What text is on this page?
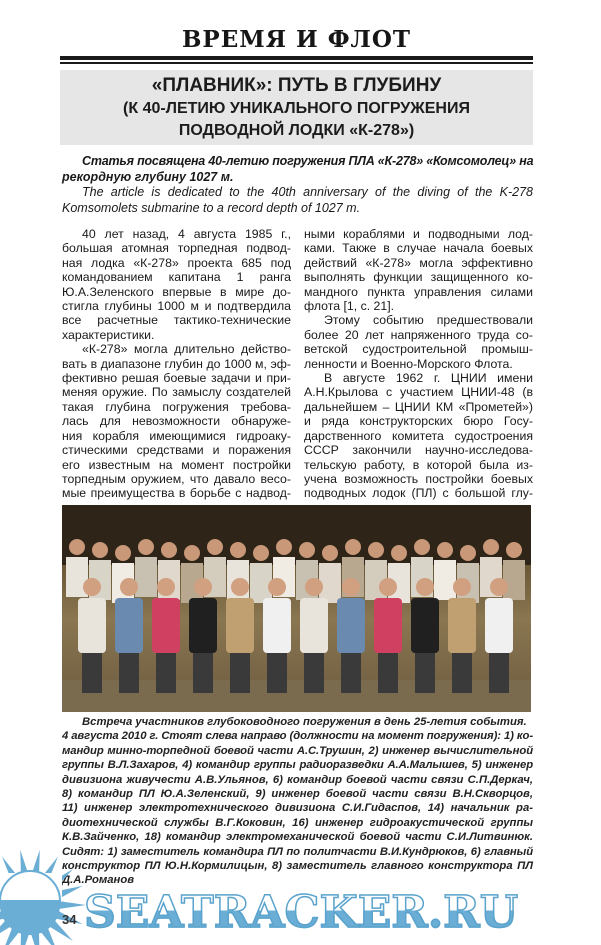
ВРЕМЯ И ФЛОТ
«ПЛАВНИК»: ПУТЬ В ГЛУБИНУ
(К 40-ЛЕТИЮ УНИКАЛЬНОГО ПОГРУЖЕНИЯ
ПОДВОДНОЙ ЛОДКИ «К-278»)
Статья посвящена 40-летию погружения ПЛА «К-278» «Комсомолец» на
рекордную глубину 1027 м.
The article is dedicated to the 40th anniversary of the diving of the K-278
Komsomolets submarine to a record depth of 1027 m.
40 лет назад, 4 августа 1985 г.,
большая атомная торпедная подвод-
ная лодка «К-278» проекта 685 под
командованием капитана 1 ранга
Ю.А.Зеленского впервые в мире до-
стигла глубины 1000 м и подтвердила
все расчетные тактико-технические
характеристики.
«К-278» могла длительно действо-
вать в диапазоне глубин до 1000 м, эф-
фективно решая боевые задачи и при-
меняя оружие. По замыслу создателей
такая глубина погружения требова-
лась для невозможности обнаруже-
ния корабля имеющимися гидроаку-
стическими средствами и поражения
его известным на момент постройки
торпедным оружием, что давало весо-
мые преимущества в борьбе с надвод-
ными кораблями и подводными лод-
ками. Также в случае начала боевых
действий «К-278» могла эффективно
выполнять функции защищенного ко-
мандного пункта управления силами
флота [1, с. 21].
Этому событию предшествовали
более 20 лет напряженного труда со-
ветской судостроительной промыш-
ленности и Военно-Морского Флота.
В августе 1962 г. ЦНИИ имени
А.Н.Крылова с участием ЦНИИ-48 (в
дальнейшем – ЦНИИ КМ «Прометей»)
и ряда конструкторских бюро Госу-
дарственного комитета судостроения
СССР закончили научно-исследова-
тельскую работу, в которой была из-
учена возможность постройки боевых
подводных лодок (ПЛ) с большой глу-
Встреча участников глубоководного погружения в день 25-летия события.
4 августа 2010 г. Стоят слева направо (должности на момент погружения): 1) ко-
мандир минно-торпедной боевой части А.С.Трушин, 2) инженер вычислительной
группы В.Л.Захаров, 4) командир группы радиоразведки А.А.Малышев, 5) инженер
дивизиона живучести А.В.Ульянов, 6) командир боевой части связи С.П.Деркач,
8) командир ПЛ Ю.А.Зеленский, 9) инженер боевой части связи В.Н.Скворцов,
11) инженер электротехнического дивизиона С.И.Гидаспов, 14) начальник ра-
диотехнической службы В.Г.Коковин, 16) инженер гидроакустической группы
К.В.Зайченко, 18) командир электромеханической боевой части С.И.Литвинюк.
Сидят: 1) заместитель командира ПЛ по политчасти В.И.Кундрюков, 6) главный
конструктор ПЛ Ю.Н.Кормилицын, 8) заместитель главного конструктора ПЛ
Д.А.Романов
SEATRACKER.RU
34
